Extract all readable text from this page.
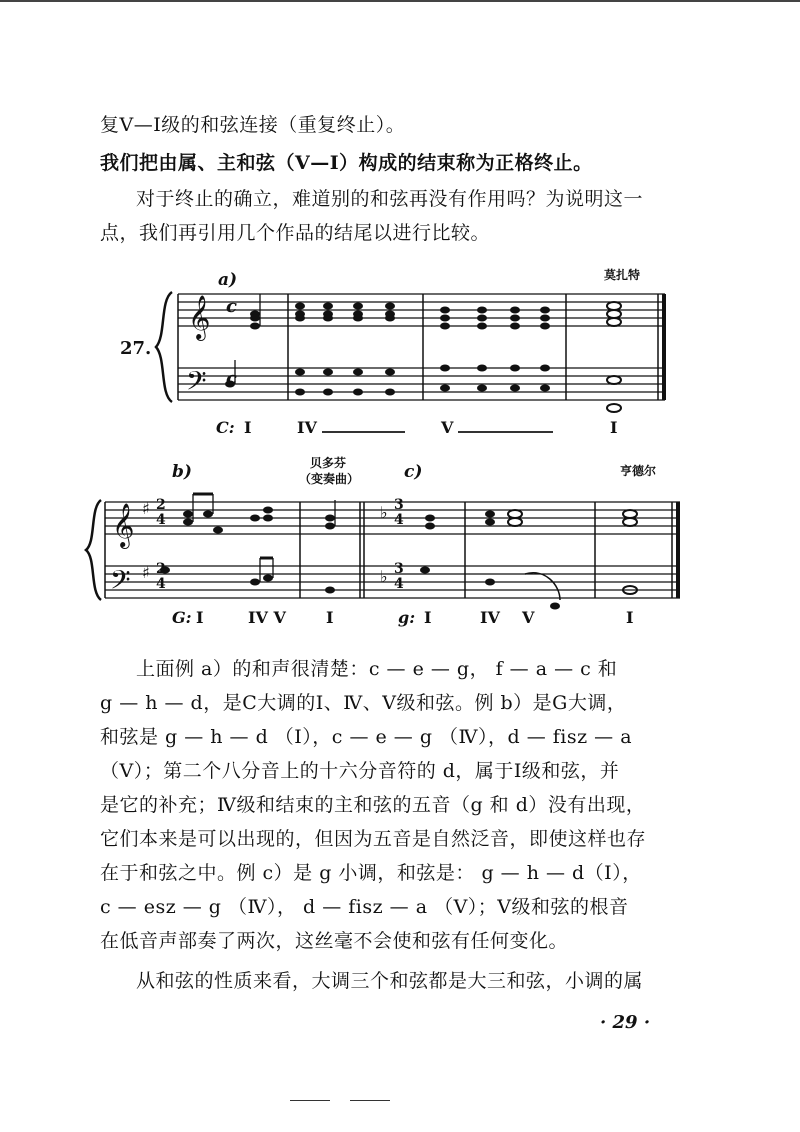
复Ⅴ—Ⅰ级的和弦连接（重复终止）。
我们把由属、主和弦（Ⅴ—Ⅰ）构成的结束称为正格终止。
对于终止的确立，难道别的和弦再没有作用吗？为说明这一
点，我们再引用几个作品的结尾以进行比较。
𝄞
𝄢
𝄞
𝄢
♯
♯
♭
♭
c
c
2
4
2
4
3
4
3
4
a)
27.
莫扎特
C: I	IV	V	I
b)	贝多芬
（变奏曲）	c)	亨德尔
G: I	IV V	I	g: I	IV V	I
上面例 a）的和声很清楚：c — e — g， f — a — c 和
g — h — d，是C大调的Ⅰ、Ⅳ、Ⅴ级和弦。例 b）是G大调，
和弦是 g — h — d （Ⅰ），c — e — g （Ⅳ），d — fisz — a
（Ⅴ）；第二个八分音上的十六分音符的 d，属于Ⅰ级和弦，并
是它的补充；Ⅳ级和结束的主和弦的五音（g 和 d）没有出现，
它们本来是可以出现的，但因为五音是自然泛音，即使这样也存
在于和弦之中。例 c）是 g 小调，和弦是： g — h — d（Ⅰ），
c — esz — g （Ⅳ）， d — fisz — a （Ⅴ）；Ⅴ级和弦的根音
在低音声部奏了两次，这丝毫不会使和弦有任何变化。
从和弦的性质来看，大调三个和弦都是大三和弦，小调的属
· 29 ·
